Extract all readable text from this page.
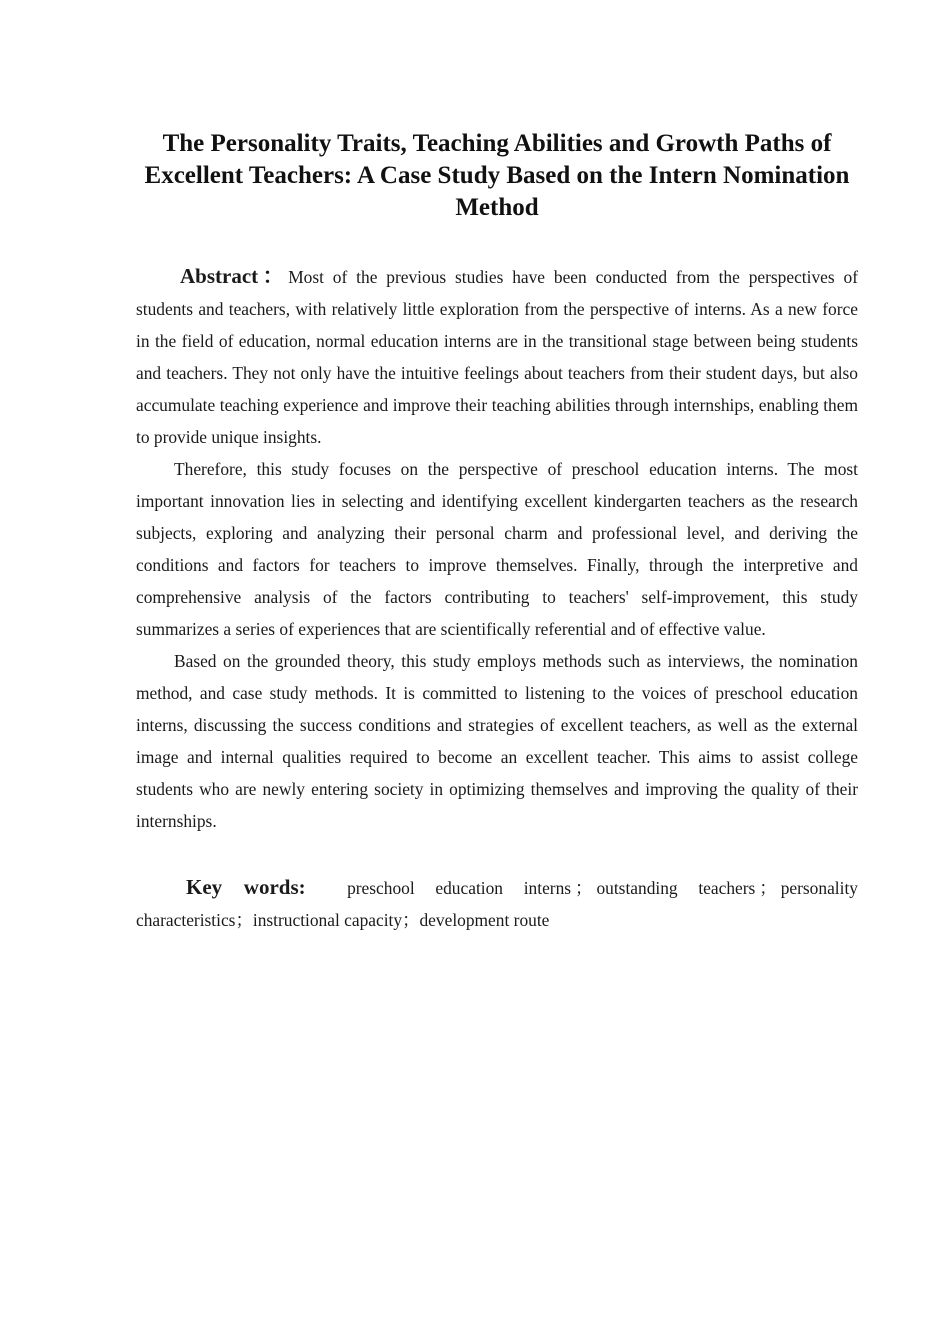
The Personality Traits, Teaching Abilities and Growth Paths of Excellent Teachers: A Case Study Based on the Intern Nomination Method

Abstract：Most of the previous studies have been conducted from the perspectives of students and teachers, with relatively little exploration from the perspective of interns. As a new force in the field of education, normal education interns are in the transitional stage between being students and teachers. They not only have the intuitive feelings about teachers from their student days, but also accumulate teaching experience and improve their teaching abilities through internships, enabling them to provide unique insights.

Therefore, this study focuses on the perspective of preschool education interns. The most important innovation lies in selecting and identifying excellent kindergarten teachers as the research subjects, exploring and analyzing their personal charm and professional level, and deriving the conditions and factors for teachers to improve themselves. Finally, through the interpretive and comprehensive analysis of the factors contributing to teachers' self-improvement, this study summarizes a series of experiences that are scientifically referential and of effective value.

Based on the grounded theory, this study employs methods such as interviews, the nomination method, and case study methods. It is committed to listening to the voices of preschool education interns, discussing the success conditions and strategies of excellent teachers, as well as the external image and internal qualities required to become an excellent teacher. This aims to assist college students who are newly entering society in optimizing themselves and improving the quality of their internships.

Key words: preschool education interns ； outstanding teachers ； personality characteristics；instructional capacity；development route
